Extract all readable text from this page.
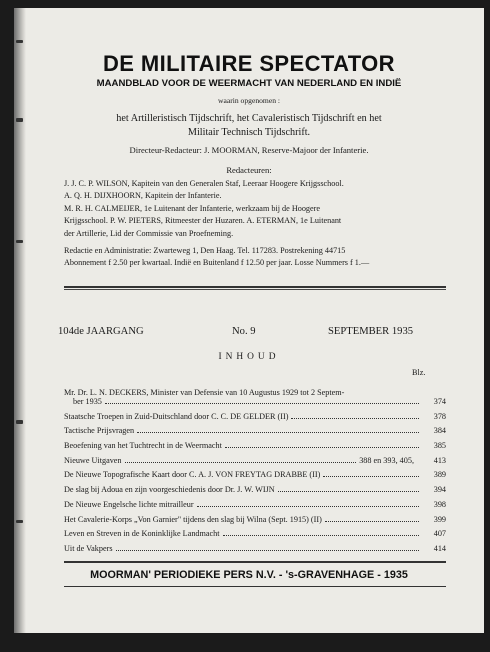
DE MILITAIRE SPECTATOR
MAANDBLAD VOOR DE WEERMACHT VAN NEDERLAND EN INDIË
waarin opgenomen :
het Artilleristisch Tijdschrift, het Cavaleristisch Tijdschrift en het
Militair Technisch Tijdschrift.
Directeur-Redacteur: J. MOORMAN, Reserve-Majoor der Infanterie.
Redacteuren:
J. J. C. P. WILSON, Kapitein van den Generalen Staf, Leeraar Hoogere Krijgsschool.
A. Q. H. DIJXHOORN, Kapitein der Infanterie.
M. R. H. CALMEIJER, 1e Luitenant der Infanterie, werkzaam bij de Hoogere
Krijgsschool. P. W. PIETERS, Ritmeester der Huzaren. A. ETERMAN, 1e Luitenant
der Artillerie, Lid der Commissie van Proefneming.
Redactie en Administratie: Zwarteweg 1, Den Haag. Tel. 117283. Postrekening 44715
Abonnement f 2.50 per kwartaal. Indië en Buitenland f 12.50 per jaar. Losse Nummers f 1.—
104de JAARGANG	No. 9	SEPTEMBER 1935
INHOUD
Blz.
Mr. Dr. L. N. DECKERS, Minister van Defensie van 10 Augustus 1929 tot 2 Septem-
ber 1935	374
Staatsche Troepen in Zuid-Duitschland door C. C. DE GELDER (II)	378
Tactische Prijsvragen	384
Beoefening van het Tuchtrecht in de Weermacht	385
Nieuwe Uitgaven	388 en 393, 405,	413
De Nieuwe Topografische Kaart door C. A. J. VON FREYTAG DRABBE (II)	389
De slag bij Adoua en zijn voorgeschiedenis door Dr. J. W. WIJN	394
De Nieuwe Engelsche lichte mitrailleur	398
Het Cavalerie-Korps „Von Garnier" tijdens den slag bij Wilna (Sept. 1915) (II)	399
Leven en Streven in de Koninklijke Landmacht	407
Uit de Vakpers	414
MOORMAN' PERIODIEKE PERS N.V. - 's-GRAVENHAGE - 1935
